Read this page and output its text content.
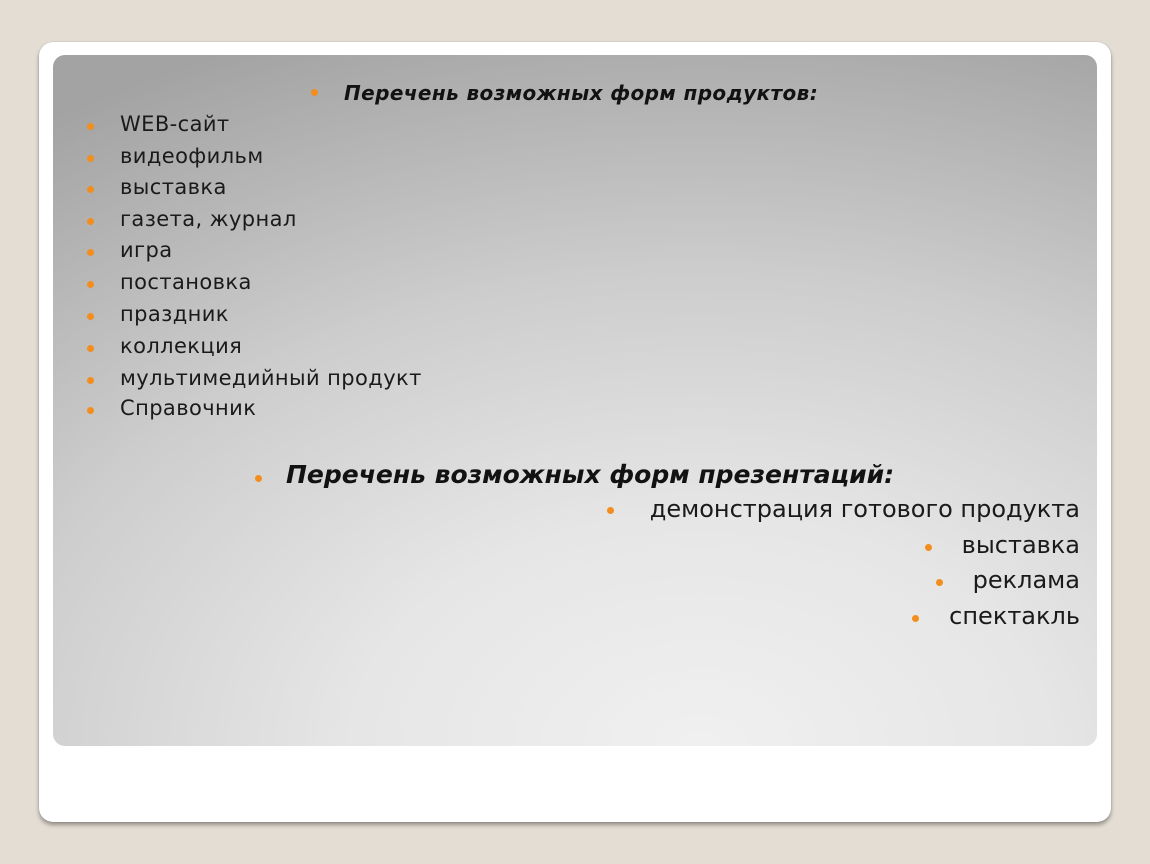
Перечень возможных форм продуктов:
WEB-сайт
видеофильм
выставка
газета, журнал
игра
постановка
праздник
коллекция
мультимедийный продукт
Справочник
Перечень возможных форм презентаций:
демонстрация готового продукта
выставка
реклама
спектакль
